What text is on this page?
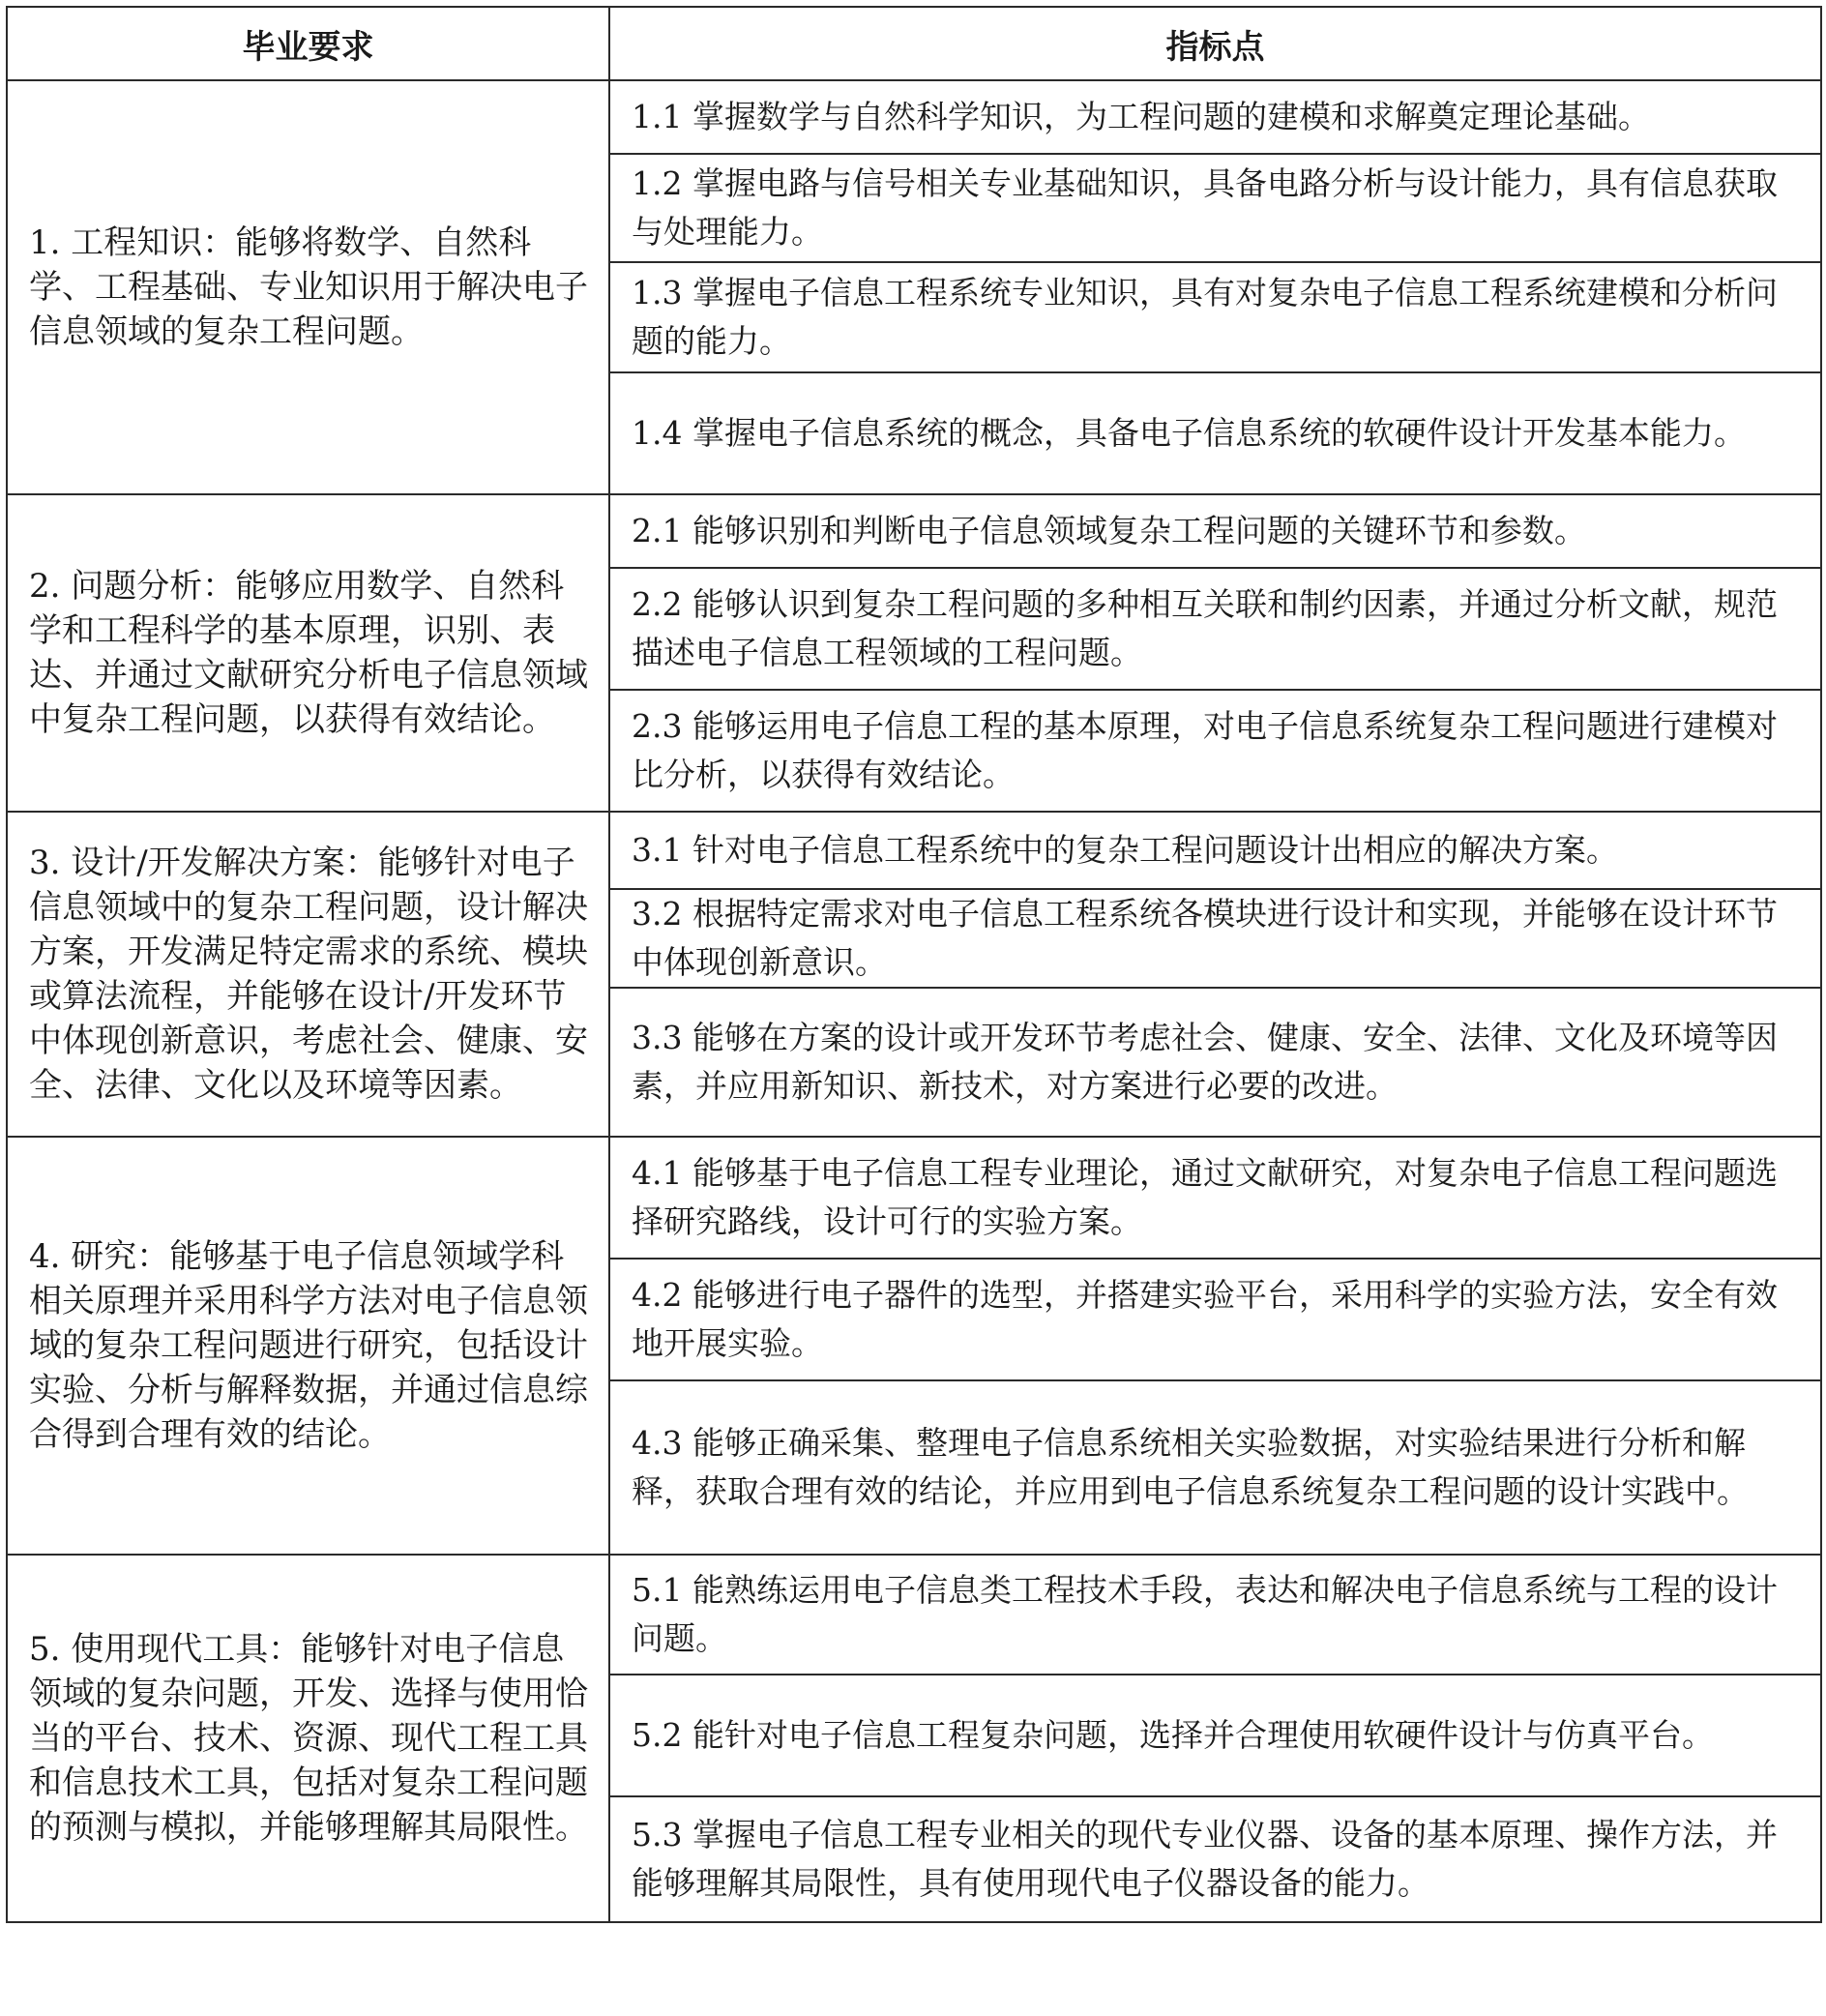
毕业要求	指标点
1. 工程知识：能够将数学、自然科学、工程基础、专业知识用于解决电子信息领域的复杂工程问题。	1.1 掌握数学与自然科学知识，为工程问题的建模和求解奠定理论基础。
	1.2 掌握电路与信号相关专业基础知识，具备电路分析与设计能力，具有信息获取与处理能力。
	1.3 掌握电子信息工程系统专业知识，具有对复杂电子信息工程系统建模和分析问题的能力。
	1.4 掌握电子信息系统的概念，具备电子信息系统的软硬件设计开发基本能力。
2. 问题分析：能够应用数学、自然科学和工程科学的基本原理，识别、表达、并通过文献研究分析电子信息领域中复杂工程问题，以获得有效结论。	2.1 能够识别和判断电子信息领域复杂工程问题的关键环节和参数。
	2.2 能够认识到复杂工程问题的多种相互关联和制约因素，并通过分析文献，规范描述电子信息工程领域的工程问题。
	2.3 能够运用电子信息工程的基本原理，对电子信息系统复杂工程问题进行建模对比分析，以获得有效结论。
3. 设计/开发解决方案：能够针对电子信息领域中的复杂工程问题，设计解决方案，开发满足特定需求的系统、模块或算法流程，并能够在设计/开发环节中体现创新意识，考虑社会、健康、安全、法律、文化以及环境等因素。	3.1 针对电子信息工程系统中的复杂工程问题设计出相应的解决方案。
	3.2 根据特定需求对电子信息工程系统各模块进行设计和实现，并能够在设计环节中体现创新意识。
	3.3 能够在方案的设计或开发环节考虑社会、健康、安全、法律、文化及环境等因素，并应用新知识、新技术，对方案进行必要的改进。
4. 研究：能够基于电子信息领域学科相关原理并采用科学方法对电子信息领域的复杂工程问题进行研究，包括设计实验、分析与解释数据，并通过信息综合得到合理有效的结论。	4.1 能够基于电子信息工程专业理论，通过文献研究，对复杂电子信息工程问题选择研究路线，设计可行的实验方案。
	4.2 能够进行电子器件的选型，并搭建实验平台，采用科学的实验方法，安全有效地开展实验。
	4.3 能够正确采集、整理电子信息系统相关实验数据，对实验结果进行分析和解释，获取合理有效的结论，并应用到电子信息系统复杂工程问题的设计实践中。
5. 使用现代工具：能够针对电子信息领域的复杂问题，开发、选择与使用恰当的平台、技术、资源、现代工程工具和信息技术工具，包括对复杂工程问题的预测与模拟，并能够理解其局限性。	5.1 能熟练运用电子信息类工程技术手段，表达和解决电子信息系统与工程的设计问题。
	5.2 能针对电子信息工程复杂问题，选择并合理使用软硬件设计与仿真平台。
	5.3 掌握电子信息工程专业相关的现代专业仪器、设备的基本原理、操作方法，并能够理解其局限性，具有使用现代电子仪器设备的能力。
